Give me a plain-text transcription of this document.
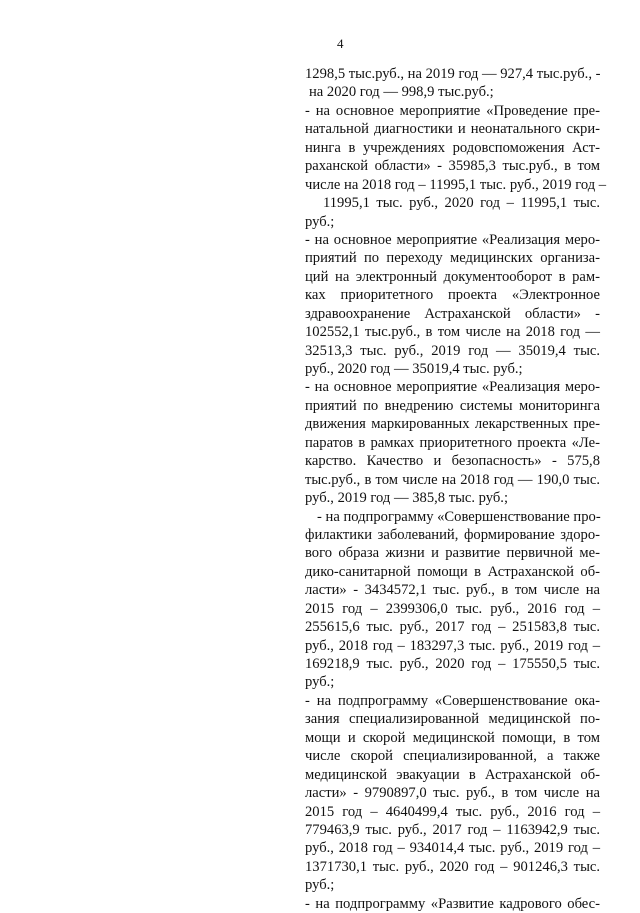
4
1298,5 тыс.руб., на 2019 год — 927,4 тыс.руб., -
на 2020 год — 998,9 тыс.руб.;
- на основное мероприятие «Проведение пре-
натальной диагностики и неонатального скри-
нинга в учреждениях родовспоможения Аст-
раханской области» - 35985,3 тыс.руб., в том
числе на 2018 год – 11995,1 тыс. руб., 2019 год –
11995,1 тыс. руб., 2020 год – 11995,1 тыс.
руб.;
- на основное мероприятие «Реализация меро-
приятий по переходу медицинских организа-
ций на электронный документооборот в рам-
ках приоритетного проекта «Электронное
здравоохранение Астраханской области» -
102552,1 тыс.руб., в том числе на 2018 год —
32513,3 тыс. руб., 2019 год — 35019,4 тыс.
руб., 2020 год — 35019,4 тыс. руб.;
- на основное мероприятие «Реализация меро-
приятий по внедрению системы мониторинга
движения маркированных лекарственных пре-
паратов в рамках приоритетного проекта «Ле-
карство. Качество и безопасность» - 575,8
тыс.руб., в том числе на 2018 год — 190,0 тыс.
руб., 2019 год — 385,8 тыс. руб.;
- на подпрограмму «Совершенствование про-
филактики заболеваний, формирование здоро-
вого образа жизни и развитие первичной ме-
дико-санитарной помощи в Астраханской об-
ласти» - 3434572,1 тыс. руб., в том числе на
2015 год – 2399306,0 тыс. руб., 2016 год –
255615,6 тыс. руб., 2017 год – 251583,8 тыс.
руб., 2018 год – 183297,3 тыс. руб., 2019 год –
169218,9 тыс. руб., 2020 год – 175550,5 тыс.
руб.;
- на подпрограмму «Совершенствование ока-
зания специализированной медицинской по-
мощи и скорой медицинской помощи, в том
числе скорой специализированной, а также
медицинской эвакуации в Астраханской об-
ласти» - 9790897,0 тыс. руб., в том числе на
2015 год – 4640499,4 тыс. руб., 2016 год –
779463,9 тыс. руб., 2017 год – 1163942,9 тыс.
руб., 2018 год – 934014,4 тыс. руб., 2019 год –
1371730,1 тыс. руб., 2020 год – 901246,3 тыс.
руб.;
- на подпрограмму «Развитие кадрового обес-
